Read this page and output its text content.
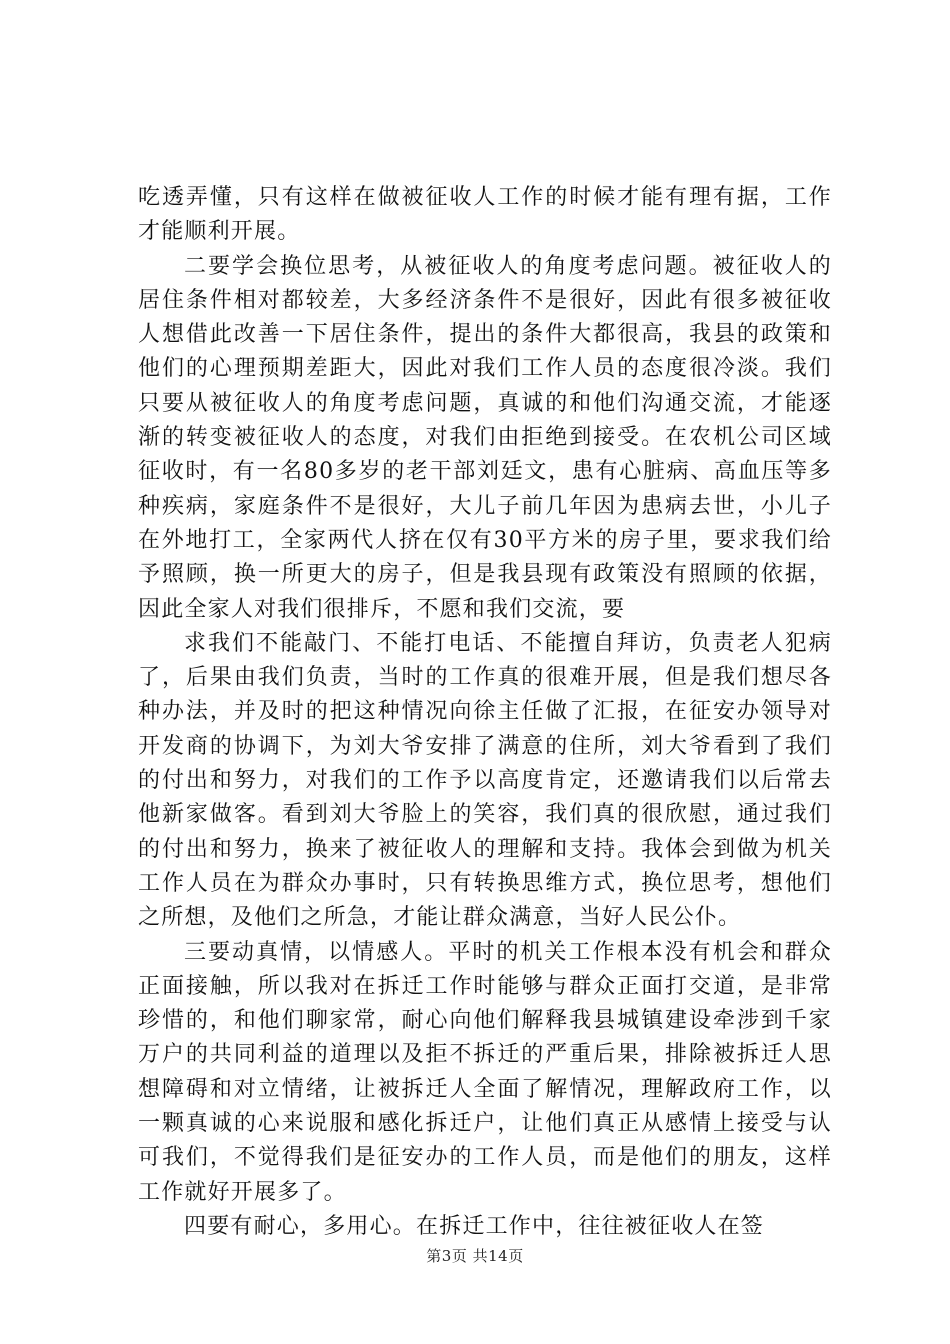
吃透弄懂，只有这样在做被征收人工作的时候才能有理有据，工作才能顺利开展。

二要学会换位思考，从被征收人的角度考虑问题。被征收人的居住条件相对都较差，大多经济条件不是很好，因此有很多被征收人想借此改善一下居住条件，提出的条件大都很高，我县的政策和他们的心理预期差距大，因此对我们工作人员的态度很冷淡。我们只要从被征收人的角度考虑问题，真诚的和他们沟通交流，才能逐渐的转变被征收人的态度，对我们由拒绝到接受。在农机公司区域征收时，有一名80多岁的老干部刘廷文，患有心脏病、高血压等多种疾病，家庭条件不是很好，大儿子前几年因为患病去世，小儿子在外地打工，全家两代人挤在仅有30平方米的房子里，要求我们给予照顾，换一所更大的房子，但是我县现有政策没有照顾的依据，因此全家人对我们很排斥，不愿和我们交流，要

求我们不能敲门、不能打电话、不能擅自拜访，负责老人犯病了，后果由我们负责，当时的工作真的很难开展，但是我们想尽各种办法，并及时的把这种情况向徐主任做了汇报，在征安办领导对开发商的协调下，为刘大爷安排了满意的住所，刘大爷看到了我们的付出和努力，对我们的工作予以高度肯定，还邀请我们以后常去他新家做客。看到刘大爷脸上的笑容，我们真的很欣慰，通过我们的付出和努力，换来了被征收人的理解和支持。我体会到做为机关工作人员在为群众办事时，只有转换思维方式，换位思考，想他们之所想，及他们之所急，才能让群众满意，当好人民公仆。

三要动真情，以情感人。平时的机关工作根本没有机会和群众正面接触，所以我对在拆迁工作时能够与群众正面打交道，是非常珍惜的，和他们聊家常，耐心向他们解释我县城镇建设牵涉到千家万户的共同利益的道理以及拒不拆迁的严重后果，排除被拆迁人思想障碍和对立情绪，让被拆迁人全面了解情况，理解政府工作，以一颗真诚的心来说服和感化拆迁户，让他们真正从感情上接受与认可我们，不觉得我们是征安办的工作人员，而是他们的朋友，这样工作就好开展多了。

四要有耐心，多用心。在拆迁工作中，往往被征收人在签

第3页 共14页
